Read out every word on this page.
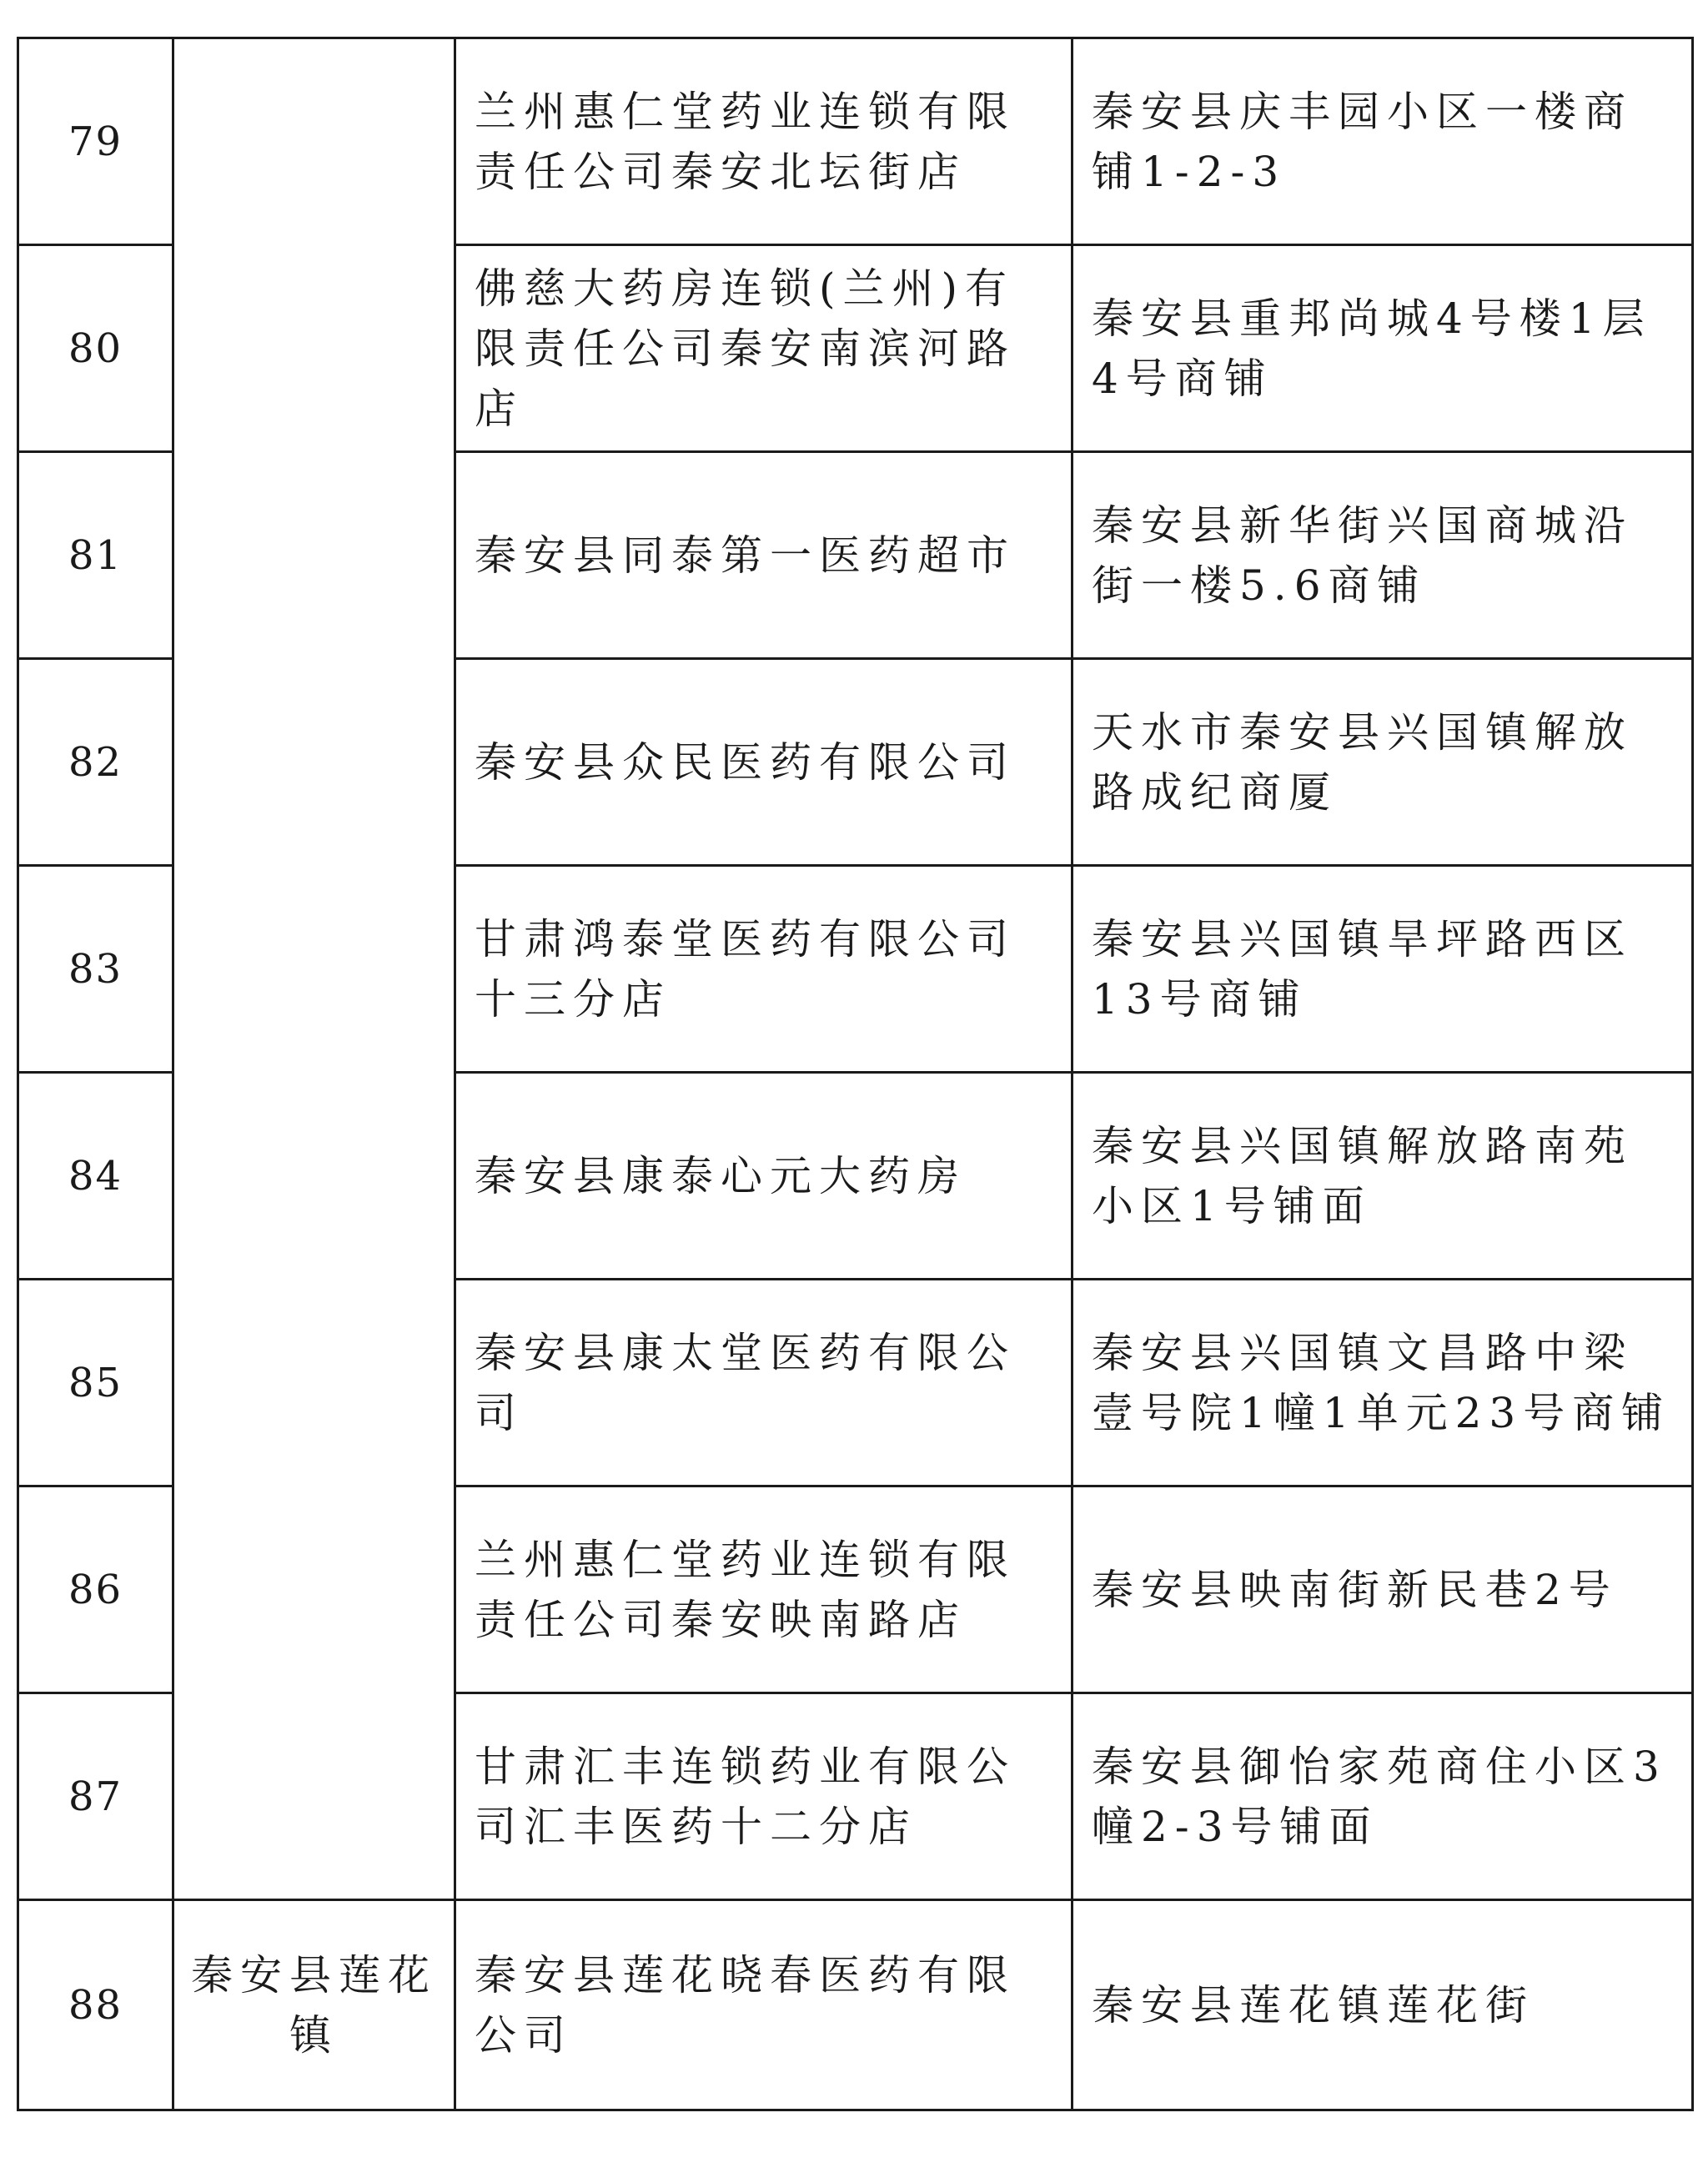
79		兰州惠仁堂药业连锁有限责任公司秦安北坛街店	秦安县庆丰园小区一楼商铺1-2-3

80		佛慈大药房连锁(兰州)有限责任公司秦安南滨河路店	秦安县重邦尚城4号楼1层4号商铺

81		秦安县同泰第一医药超市	秦安县新华街兴国商城沿街一楼5.6商铺

82		秦安县众民医药有限公司	天水市秦安县兴国镇解放路成纪商厦

83		甘肃鸿泰堂医药有限公司十三分店	秦安县兴国镇旱坪路西区13号商铺

84		秦安县康泰心元大药房	秦安县兴国镇解放路南苑小区1号铺面

85		秦安县康太堂医药有限公司	秦安县兴国镇文昌路中梁壹号院1幢1单元23号商铺

86		兰州惠仁堂药业连锁有限责任公司秦安映南路店	秦安县映南街新民巷2号

87		甘肃汇丰连锁药业有限公司汇丰医药十二分店	秦安县御怡家苑商住小区3幢2-3号铺面

88	秦安县莲花镇	秦安县莲花晓春医药有限公司	秦安县莲花镇莲花街
